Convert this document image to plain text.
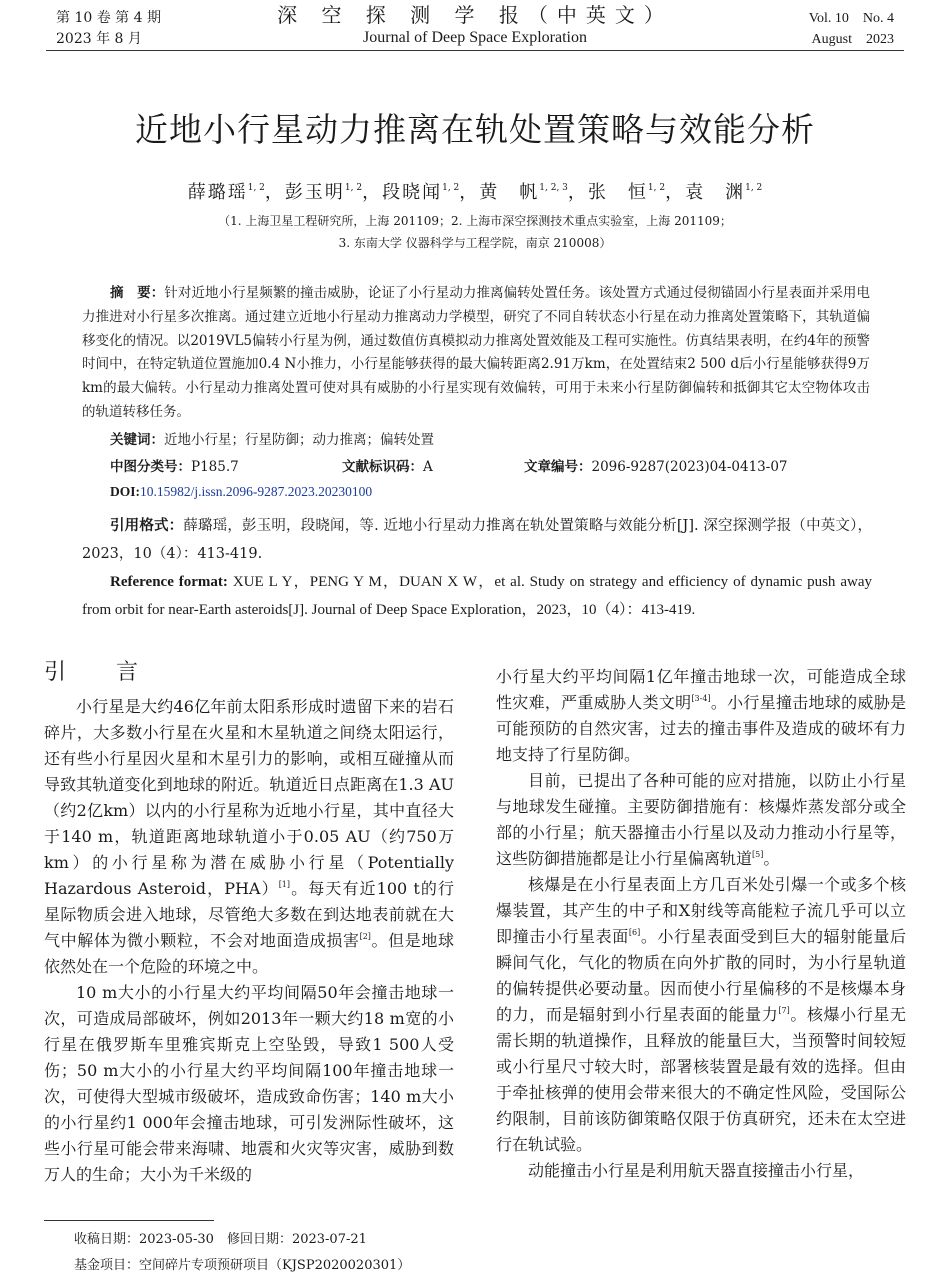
第 10 卷 第 4 期
2023 年 8 月
深 空 探 测 学 报（中英文）
Journal of Deep Space Exploration
Vol. 10    No. 4
August    2023
近地小行星动力推离在轨处置策略与效能分析
薛璐瑶$^{1, 2}$，彭玉明$^{1, 2}$，段晓闻$^{1, 2}$，黄　帆$^{1, 2, 3}$，张　恒$^{1, 2}$，袁　渊$^{1, 2}$
（1. 上海卫星工程研究所，上海 201109；2. 上海市深空探测技术重点实验室，上海 201109；
3. 东南大学 仪器科学与工程学院，南京 210008）

摘　要：针对近地小行星频繁的撞击威胁，论证了小行星动力推离偏转处置任务。该处置方式通过侵彻锚固小行星表面并采用电力推进对小行星多次推离。通过建立近地小行星动力推离动力学模型，研究了不同自转状态小行星在动力推离处置策略下，其轨道偏移变化的情况。以2019VL5偏转小行星为例，通过数值仿真模拟动力推离处置效能及工程可实施性。仿真结果表明，在约4年的预警时间中，在特定轨道位置施加0.4 N小推力，小行星能够获得的最大偏转距离2.91万km，在处置结束2 500 d后小行星能够获得9万km的最大偏转。小行星动力推离处置可使对具有威胁的小行星实现有效偏转，可用于未来小行星防御偏转和抵御其它太空物体攻击的轨道转移任务。

关键词：近地小行星；行星防御；动力推离；偏转处置
中图分类号：P185.7	文献标识码：A	文章编号：2096-9287(2023)04-0413-07
DOI:10.15982/j.issn.2096-9287.2023.20230100
引用格式：薛璐瑶，彭玉明，段晓闻，等. 近地小行星动力推离在轨处置策略与效能分析[J]. 深空探测学报（中英文），2023，10（4）：413-419.
Reference format: XUE L Y，PENG Y M，DUAN X W，et al. Study on strategy and efficiency of dynamic push away from orbit for near-Earth asteroids[J]. Journal of Deep Space Exploration，2023，10（4）：413-419.
引　言

小行星是大约46亿年前太阳系形成时遗留下来的岩石碎片，大多数小行星在火星和木星轨道之间绕太阳运行，还有些小行星因火星和木星引力的影响，或相互碰撞从而导致其轨道变化到地球的附近。轨道近日点距离在1.3 AU（约2亿km）以内的小行星称为近地小行星，其中直径大于140 m，轨道距离地球轨道小于0.05 AU（约750万km）的小行星称为潜在威胁小行星（Potentially Hazardous Asteroid，PHA）[1]。每天有近100 t的行星际物质会进入地球，尽管绝大多数在到达地表前就在大气中解体为微小颗粒，不会对地面造成损害[2]。但是地球依然处在一个危险的环境之中。

10 m大小的小行星大约平均间隔50年会撞击地球一次，可造成局部破坏，例如2013年一颗大约18 m宽的小行星在俄罗斯车里雅宾斯克上空坠毁，导致1 500人受伤；50 m大小的小行星大约平均间隔100年撞击地球一次，可使得大型城市级破坏，造成致命伤害；140 m大小的小行星约1 000年会撞击地球，可引发洲际性破坏，这些小行星可能会带来海啸、地震和火灾等灾害，威胁到数万人的生命；大小为千米级的

小行星大约平均间隔1亿年撞击地球一次，可能造成全球性灾难，严重威胁人类文明[3-4]。小行星撞击地球的威胁是可能预防的自然灾害，过去的撞击事件及造成的破坏有力地支持了行星防御。

目前，已提出了各种可能的应对措施，以防止小行星与地球发生碰撞。主要防御措施有：核爆炸蒸发部分或全部的小行星；航天器撞击小行星以及动力推动小行星等，这些防御措施都是让小行星偏离轨道[5]。

核爆是在小行星表面上方几百米处引爆一个或多个核爆装置，其产生的中子和X射线等高能粒子流几乎可以立即撞击小行星表面[6]。小行星表面受到巨大的辐射能量后瞬间气化，气化的物质在向外扩散的同时，为小行星轨道的偏转提供必要动量。因而使小行星偏移的不是核爆本身的力，而是辐射到小行星表面的能量力[7]。核爆小行星无需长期的轨道操作，且释放的能量巨大，当预警时间较短或小行星尺寸较大时，部署核装置是最有效的选择。但由于牵扯核弹的使用会带来很大的不确定性风险，受国际公约限制，目前该防御策略仅限于仿真研究，还未在太空进行在轨试验。

动能撞击小行星是利用航天器直接撞击小行星，

收稿日期：2023-05-30　修回日期：2023-07-21
基金项目：空间碎片专项预研项目（KJSP2020020301）
